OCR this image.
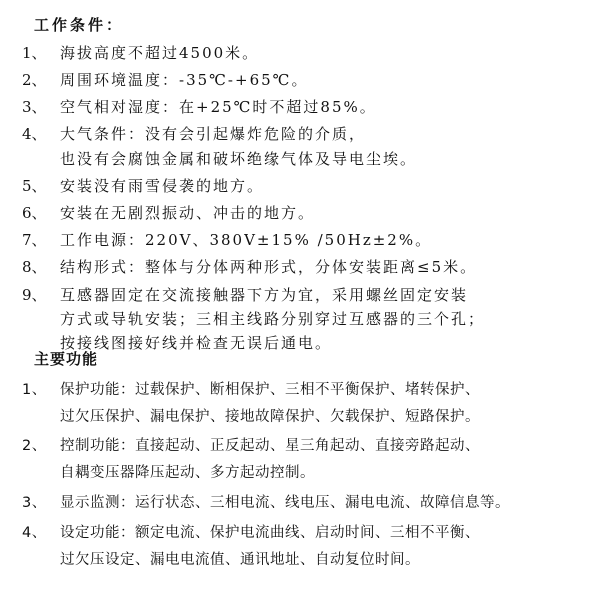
工作条件：
1、 海拔高度不超过4500米。
2、 周围环境温度：-35℃-+65℃。
3、 空气相对湿度：在+25℃时不超过85%。
4、 大气条件：没有会引起爆炸危险的介质，
也没有会腐蚀金属和破坏绝缘气体及导电尘埃。
5、 安装没有雨雪侵袭的地方。
6、 安装在无剧烈振动、冲击的地方。
7、 工作电源：220V、380V±15% /50Hz±2%。
8、 结构形式：整体与分体两种形式，分体安装距离≤5米。
9、 互感器固定在交流接触器下方为宜，采用螺丝固定安装
方式或导轨安装；三相主线路分别穿过互感器的三个孔；
按接线图接好线并检查无误后通电。
主要功能
1、 保护功能：过载保护、断相保护、三相不平衡保护、堵转保护、
过欠压保护、漏电保护、接地故障保护、欠载保护、短路保护。
2、 控制功能：直接起动、正反起动、星三角起动、直接旁路起动、
自耦变压器降压起动、多方起动控制。
3、 显示监测：运行状态、三相电流、线电压、漏电电流、故障信息等。
4、 设定功能：额定电流、保护电流曲线、启动时间、三相不平衡、
过欠压设定、漏电电流值、通讯地址、自动复位时间。
